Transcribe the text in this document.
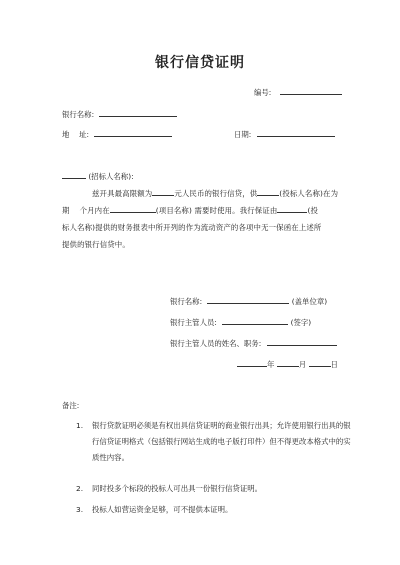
银行信贷证明
编号:
银行名称:
地　 址:	日期:
(招标人名称):
兹开具最高限额为	元人民币的银行信贷，供	(投标人名称)在为
期　 个月内在	(项目名称) 需要时使用。我行保证由	(投
标人名称)提供的财务报表中所开列的作为流动资产的各项中无一保函在上述所
提供的银行信贷中。
银行名称:	(盖单位章)
银行主管人员:	(签字)
银行主管人员的姓名、职务:
年	月	日
备注:
1.	银行贷款证明必须是有权出具信贷证明的商业银行出具；允许使用银行出具的银行信贷证明格式（包括银行网站生成的电子版打印件）但不得更改本格式中的实质性内容。
2.	同时投多个标段的投标人可出具一份银行信贷证明。
3.	投标人如营运资金足够，可不提供本证明。
